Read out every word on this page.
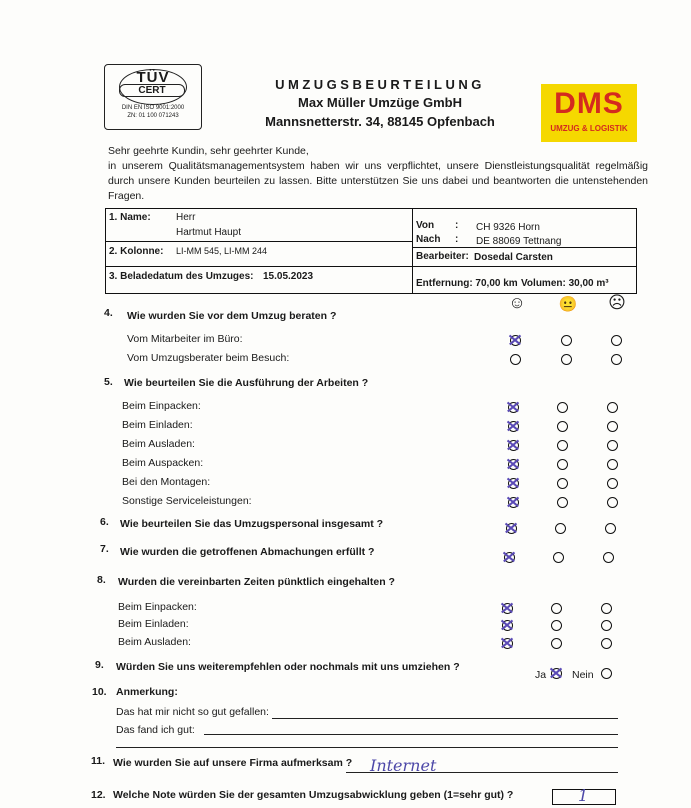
TÜV
CERT
DIN EN ISO 9001:2000
ZN: 01 100 071243
UMZUGSBEURTEILUNG
Max Müller Umzüge GmbH
Mannsnetterstr. 34, 88145 Opfenbach
DMS
UMZUG & LOGISTIK
Sehr geehrte Kundin, sehr geehrter Kunde,
in unserem Qualitätsmanagementsystem haben wir uns verpflichtet, unsere Dienstleistungsqualität regelmäßig durch unsere Kunden beurteilen zu lassen. Bitte unterstützen Sie uns dabei und beantworten die untenstehenden Fragen.
1. Name:	Herr
Hartmut Haupt
2. Kolonne: LI-MM 545, LI-MM 244
3. Beladedatum des Umzuges: 15.05.2023
Von : CH 9326 Horn
Nach : DE 88069 Tettnang
Bearbeiter: Dosedal Carsten
Entfernung: 70,00 km Volumen: 30,00 m³
☺ 😐 ☹
4. Wie wurden Sie vor dem Umzug beraten ?
5. Wie beurteilen Sie die Ausführung der Arbeiten ?
6. Wie beurteilen Sie das Umzugspersonal insgesamt ?
7. Wie wurden die getroffenen Abmachungen erfüllt ?
8. Wurden die vereinbarten Zeiten pünktlich eingehalten ?
9. Würden Sie uns weiterempfehlen oder nochmals mit uns umziehen ?
Ja Nein
10. Anmerkung:
Das hat mir nicht so gut gefallen:
Das fand ich gut:
11. Wie wurden Sie auf unsere Firma aufmerksam ? Internet
12. Welche Note würden Sie der gesamten Umzugsabwicklung geben (1=sehr gut) ?	1
Vom Mitarbeiter im Büro:
Vom Umzugsberater beim Besuch:
Beim Einpacken:
Beim Einladen:
Beim Ausladen:
Beim Auspacken:
Bei den Montagen:
Sonstige Serviceleistungen:
Beim Einpacken:
Beim Einladen:
Beim Ausladen:
